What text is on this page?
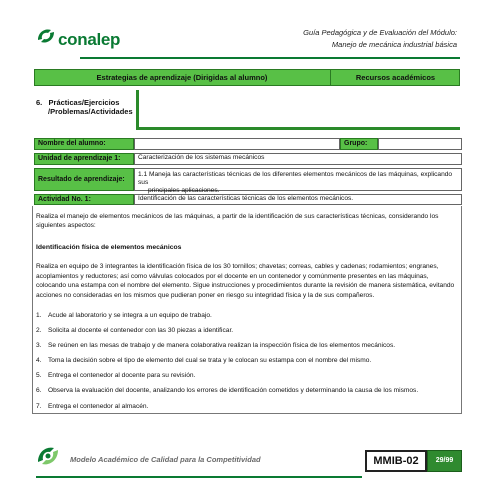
conalep	Guía Pedagógica y de Evaluación del Módulo:
Manejo de mecánica industrial básica
Estrategias de aprendizaje (Dirigidas al alumno)	Recursos académicos
6. Prácticas/Ejercicios
/Problemas/Actividades
Nombre del alumno:	Grupo:
Unidad de aprendizaje 1:	Caracterización de los sistemas mecánicos
Resultado de aprendizaje:
1.1 Maneja las características técnicas de los diferentes elementos mecánicos de las máquinas, explicando sus
principales aplicaciones.
Actividad No. 1:	Identificación de las características técnicas de los elementos mecánicos.
Realiza el manejo de elementos mecánicos de las máquinas, a partir de la identificación de sus características técnicas, considerando los siguientes aspectos:
Identificación física de elementos mecánicos
Realiza en equipo de 3 integrantes la identificación física de los 30 tornillos; chavetas; correas, cables y cadenas; rodamientos; engranes, acoplamientos y reductores; así como válvulas colocados por el docente en un contenedor y comúnmente presentes en las máquinas, colocando una estampa con el nombre del elemento. Sigue instrucciones y procedimientos durante la revisión de manera sistemática, evitando acciones no consideradas en los mismos que pudieran poner en riesgo su integridad física y la de sus compañeros.
1. Acude al laboratorio y se integra a un equipo de trabajo.
2. Solicita al docente el contenedor con las 30 piezas a identificar.
3. Se reúnen en las mesas de trabajo y de manera colaborativa realizan la inspección física de los elementos mecánicos.
4. Toma la decisión sobre el tipo de elemento del cual se trata y le colocan su estampa con el nombre del mismo.
5. Entrega el contenedor al docente para su revisión.
6. Observa la evaluación del docente, analizando los errores de identificación cometidos y determinando la causa de los mismos.
7. Entrega el contenedor al almacén.
Modelo Académico de Calidad para la Competitividad	MMIB-02	29/99
